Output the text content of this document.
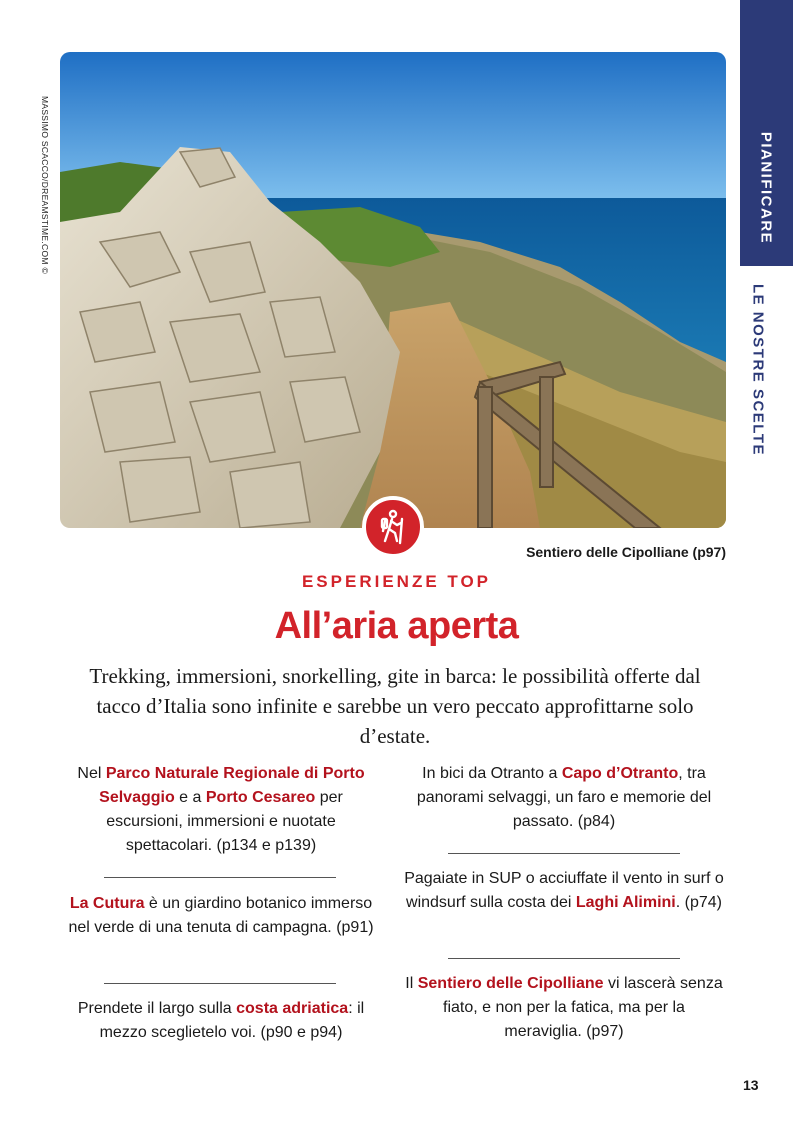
PIANIFICARE
LE NOSTRE SCELTE
MASSIMO SCACCO/DREAMSTIME.COM ©
Sentiero delle Cipolliane (p97)
ESPERIENZE TOP
All’aria aperta

Trekking, immersioni, snorkelling, gite in barca: le possibilità offerte dal tacco d’Italia sono infinite e sarebbe un vero peccato approfittarne solo d’estate.

Nel Parco Naturale Regionale di Porto Selvaggio e a Porto Cesareo per escursioni, immersioni e nuotate spettacolari. (p134 e p139)

La Cutura è un giardino botanico immerso nel verde di una tenuta di campagna. (p91)

Prendete il largo sulla costa adriatica: il mezzo sceglietelo voi. (p90 e p94)

In bici da Otranto a Capo d’Otranto, tra panorami selvaggi, un faro e memorie del passato. (p84)

Pagaiate in SUP o acciuffate il vento in surf o windsurf sulla costa dei Laghi Alimini. (p74)

Il Sentiero delle Cipolliane vi lascerà senza fiato, e non per la fatica, ma per la meraviglia. (p97)

13
